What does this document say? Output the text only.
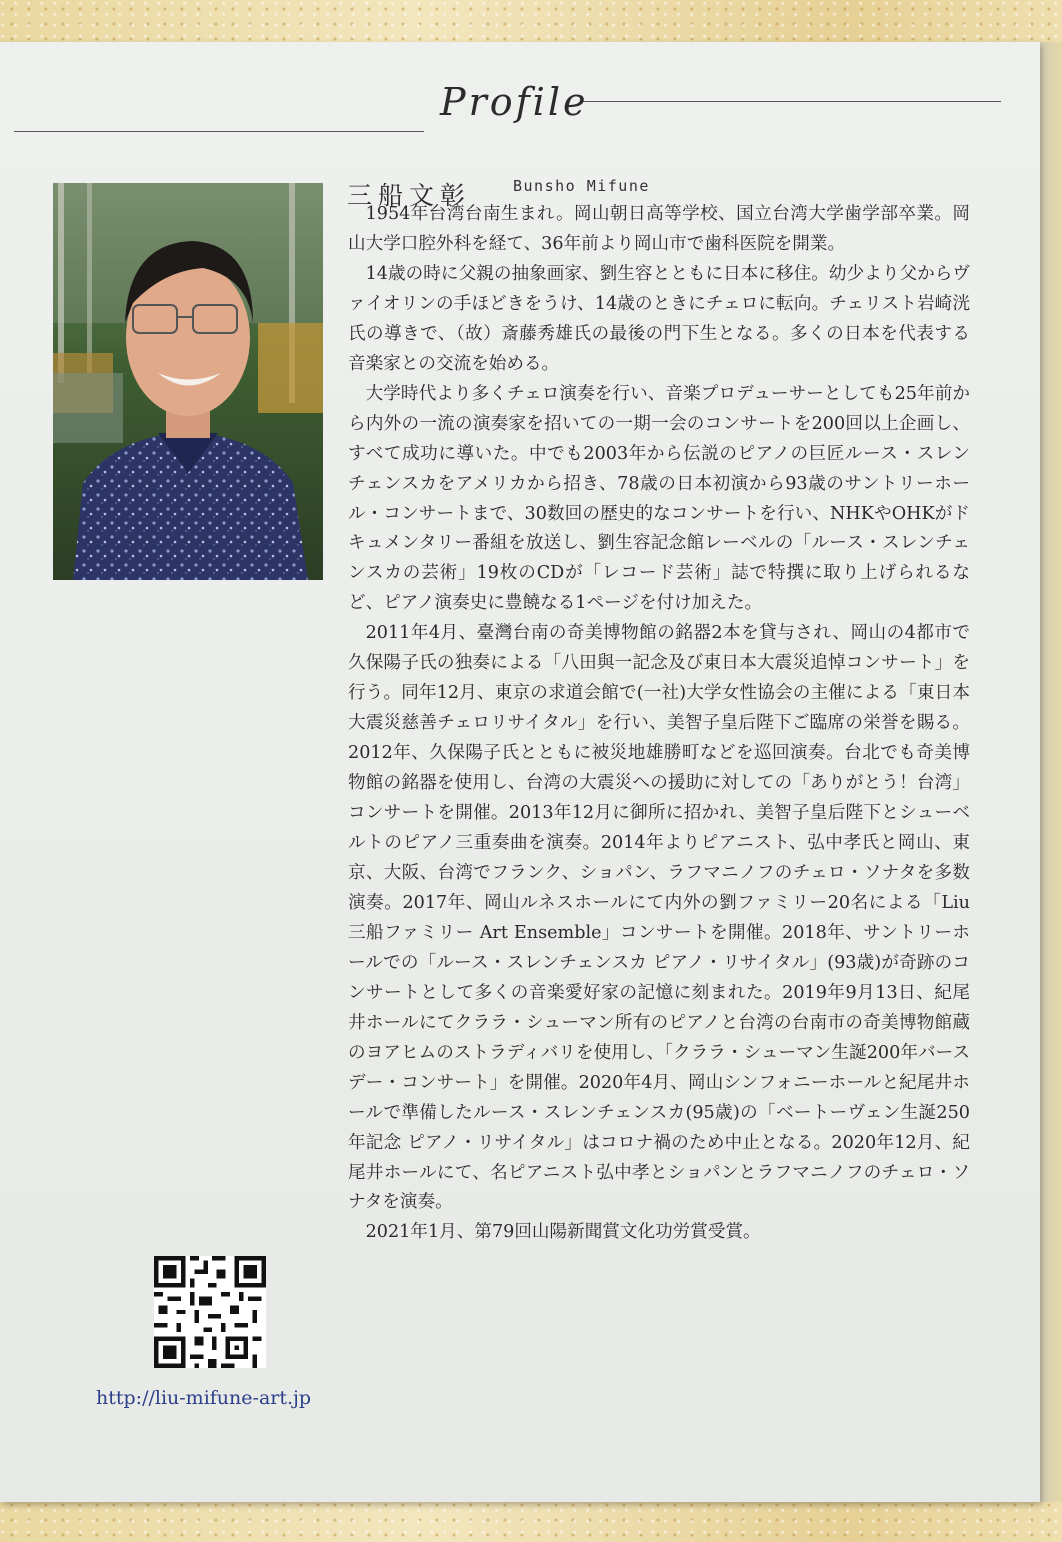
Profile
三船文彰	Bunsho Mifune

1954年台湾台南生まれ。岡山朝日高等学校、国立台湾大学歯学部卒業。岡山大学口腔外科を経て、36年前より岡山市で歯科医院を開業。

14歳の時に父親の抽象画家、劉生容とともに日本に移住。幼少より父からヴァイオリンの手ほどきをうけ、14歳のときにチェロに転向。チェリスト岩崎洸氏の導きで、（故）斎藤秀雄氏の最後の門下生となる。多くの日本を代表する音楽家との交流を始める。

大学時代より多くチェロ演奏を行い、音楽プロデューサーとしても25年前から内外の一流の演奏家を招いての一期一会のコンサートを200回以上企画し、すべて成功に導いた。中でも2003年から伝説のピアノの巨匠ルース・スレンチェンスカをアメリカから招き、78歳の日本初演から93歳のサントリーホール・コンサートまで、30数回の歴史的なコンサートを行い、NHKやOHKがドキュメンタリー番組を放送し、劉生容記念館レーベルの「ルース・スレンチェンスカの芸術」19枚のCDが「レコード芸術」誌で特撰に取り上げられるなど、ピアノ演奏史に豊饒なる1ページを付け加えた。

2011年4月、臺灣台南の奇美博物館の銘器2本を貸与され、岡山の4都市で久保陽子氏の独奏による「八田與一記念及び東日本大震災追悼コンサート」を行う。同年12月、東京の求道会館で(一社)大学女性協会の主催による「東日本大震災慈善チェロリサイタル」を行い、美智子皇后陛下ご臨席の栄誉を賜る。2012年、久保陽子氏とともに被災地雄勝町などを巡回演奏。台北でも奇美博物館の銘器を使用し、台湾の大震災への援助に対しての「ありがとう！台湾」コンサートを開催。2013年12月に御所に招かれ、美智子皇后陛下とシューベルトのピアノ三重奏曲を演奏。2014年よりピアニスト、弘中孝氏と岡山、東京、大阪、台湾でフランク、ショパン、ラフマニノフのチェロ・ソナタを多数演奏。2017年、岡山ルネスホールにて内外の劉ファミリー20名による「Liu 三船ファミリー Art Ensemble」コンサートを開催。2018年、サントリーホールでの「ルース・スレンチェンスカ ピアノ・リサイタル」(93歳)が奇跡のコンサートとして多くの音楽愛好家の記憶に刻まれた。2019年9月13日、紀尾井ホールにてクララ・シューマン所有のピアノと台湾の台南市の奇美博物館蔵のヨアヒムのストラディバリを使用し、「クララ・シューマン生誕200年バースデー・コンサート」を開催。2020年4月、岡山シンフォニーホールと紀尾井ホールで準備したルース・スレンチェンスカ(95歳)の「ベートーヴェン生誕250年記念 ピアノ・リサイタル」はコロナ禍のため中止となる。2020年12月、紀尾井ホールにて、名ピアニスト弘中孝とショパンとラフマニノフのチェロ・ソナタを演奏。

2021年1月、第79回山陽新聞賞文化功労賞受賞。

http://liu-mifune-art.jp
